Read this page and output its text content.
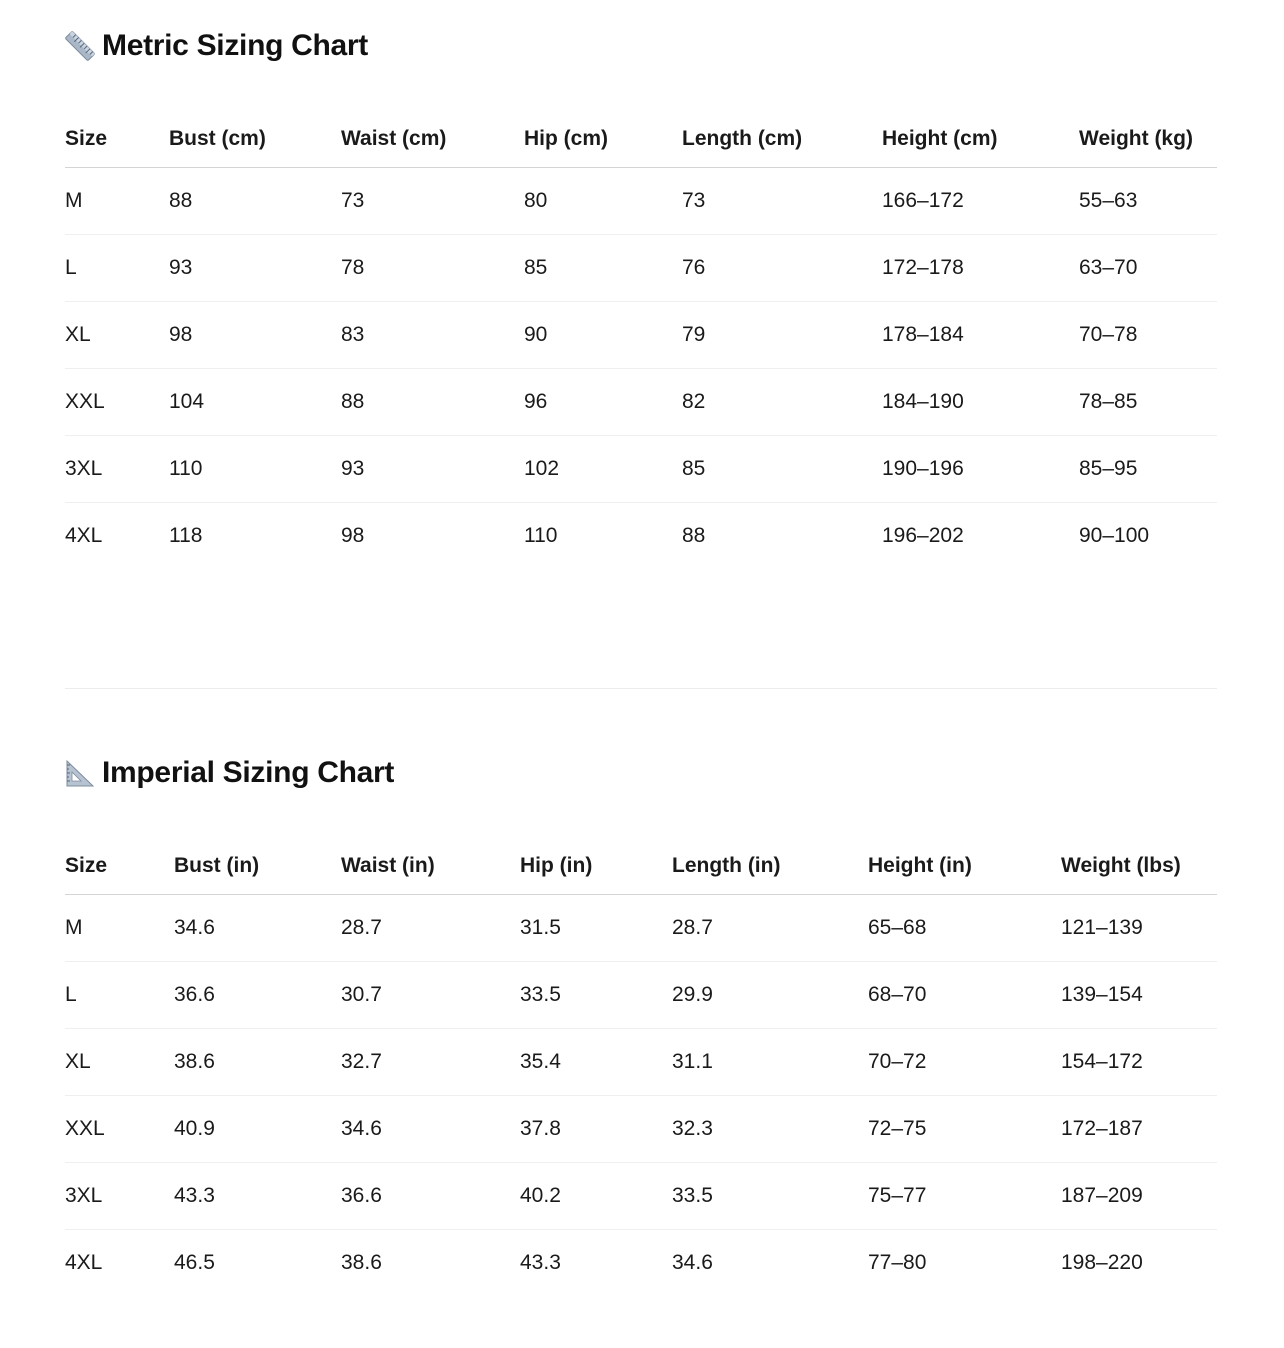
Metric Sizing Chart
Size	Bust (cm)	Waist (cm)	Hip (cm)	Length (cm)	Height (cm)	Weight (kg)
M	88	73	80	73	166–172	55–63
L	93	78	85	76	172–178	63–70
XL	98	83	90	79	178–184	70–78
XXL	104	88	96	82	184–190	78–85
3XL	110	93	102	85	190–196	85–95
4XL	118	98	110	88	196–202	90–100
Imperial Sizing Chart
Size	Bust (in)	Waist (in)	Hip (in)	Length (in)	Height (in)	Weight (lbs)
M	34.6	28.7	31.5	28.7	65–68	121–139
L	36.6	30.7	33.5	29.9	68–70	139–154
XL	38.6	32.7	35.4	31.1	70–72	154–172
XXL	40.9	34.6	37.8	32.3	72–75	172–187
3XL	43.3	36.6	40.2	33.5	75–77	187–209
4XL	46.5	38.6	43.3	34.6	77–80	198–220
